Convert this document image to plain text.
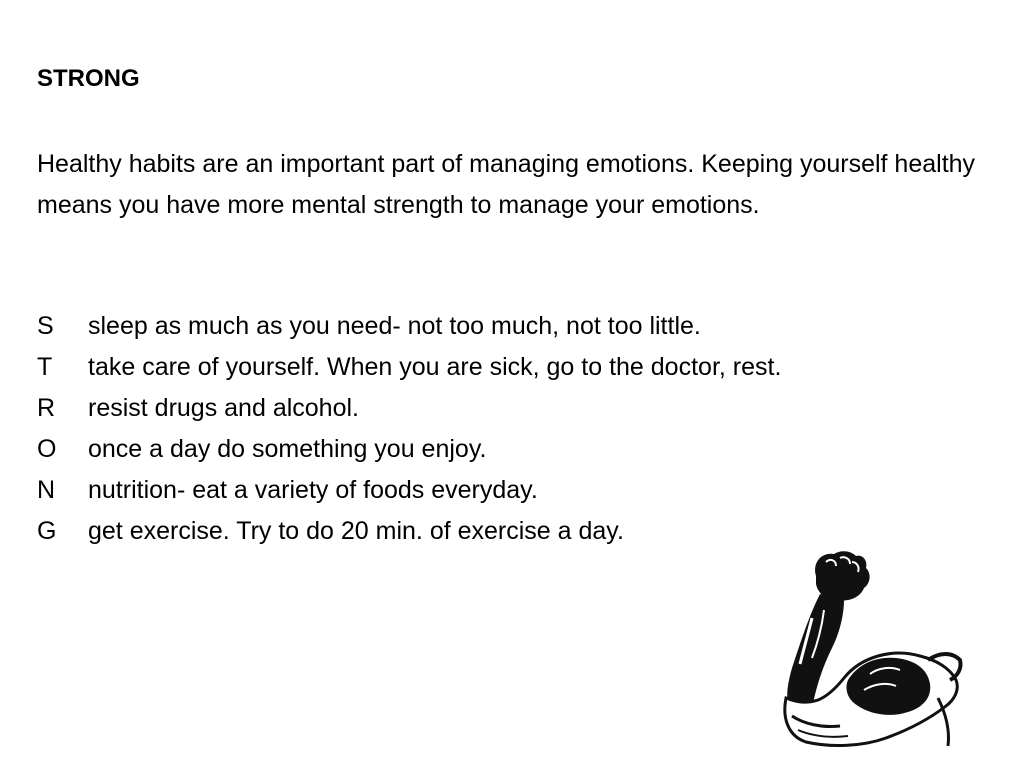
STRONG

Healthy habits are an important part of managing emotions. Keeping yourself healthy means you have more mental strength to manage your emotions.

S	sleep as much as you need- not too much, not too little.
T	take care of yourself. When you are sick, go to the doctor, rest.
R	resist drugs and alcohol.
O	once a day do something you enjoy.
N	nutrition- eat a variety of foods everyday.
G	get exercise. Try to do 20 min. of exercise a day.
